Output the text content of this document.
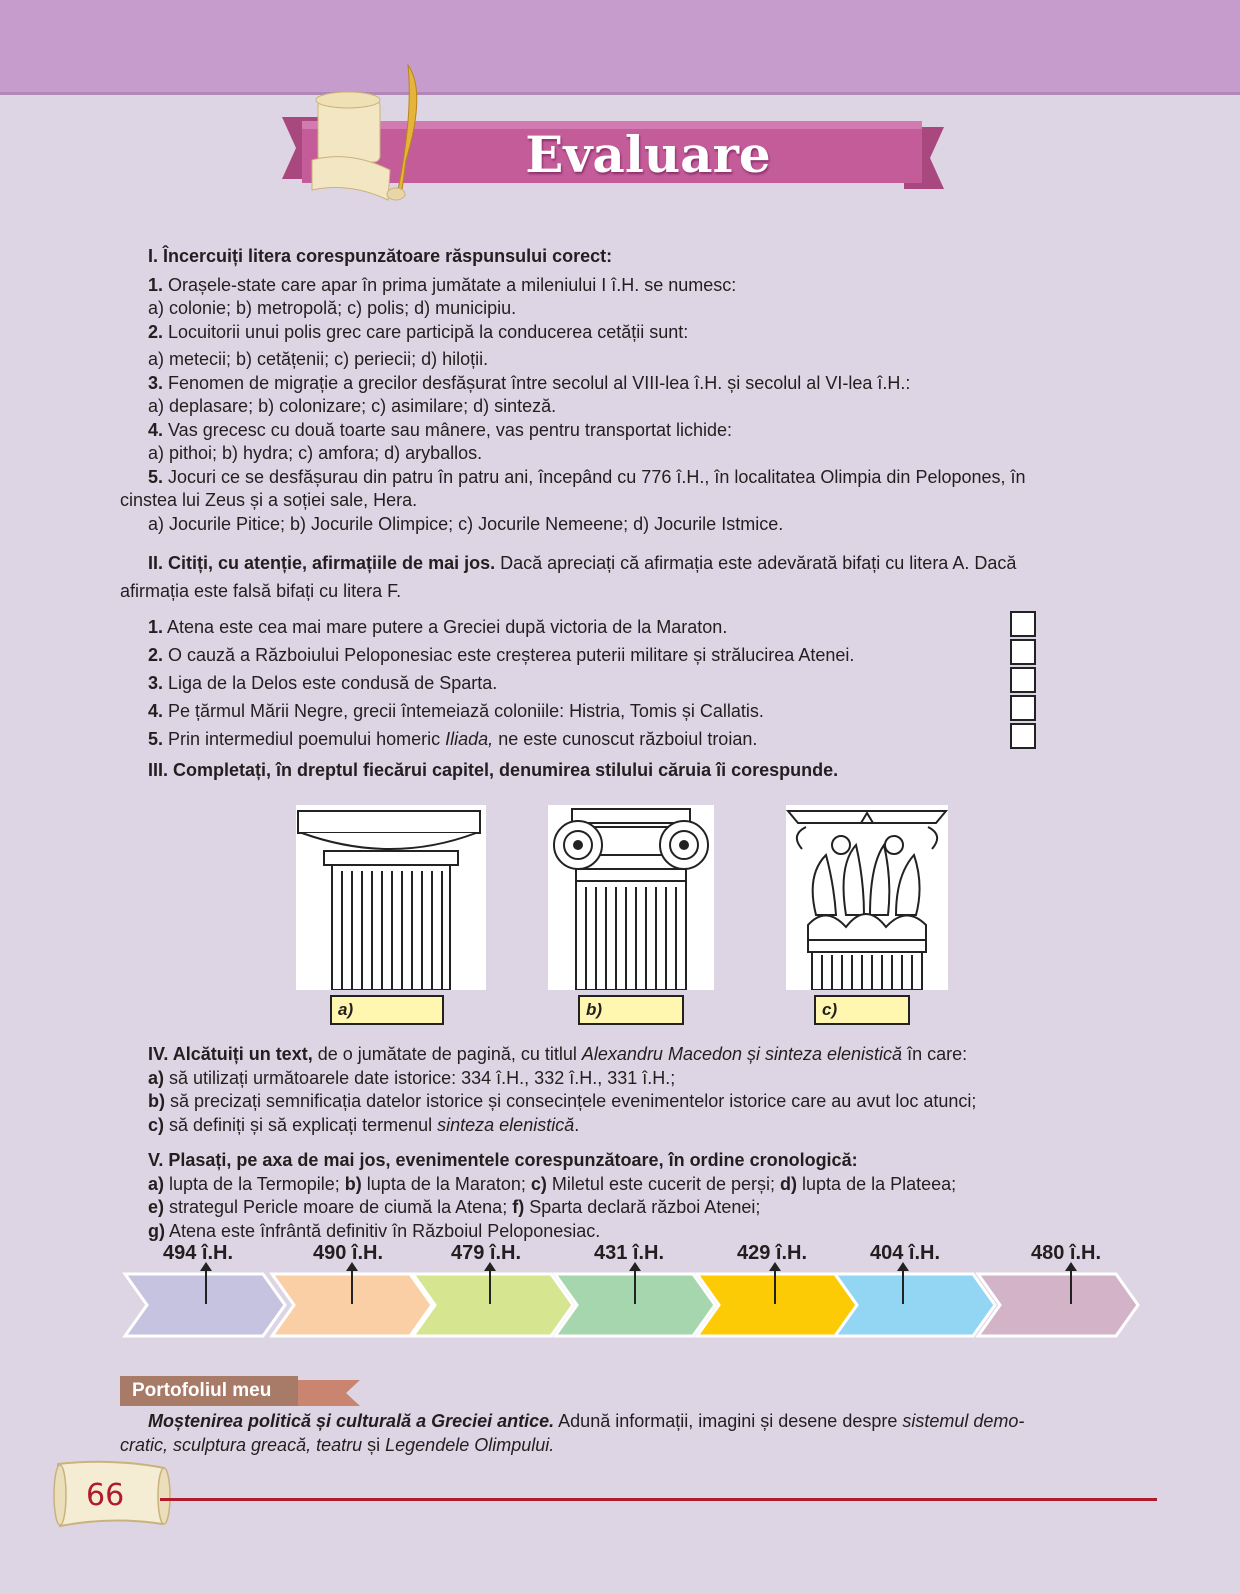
Evaluare
I. Încercuiți litera corespunzătoare răspunsului corect:
1. Orașele-state care apar în prima jumătate a mileniului I î.H. se numesc:
a) colonie; b) metropolă; c) polis; d) municipiu.
2. Locuitorii unui polis grec care participă la conducerea cetății sunt:
a) metecii; b) cetățenii; c) periecii; d) hiloții.
3. Fenomen de migrație a grecilor desfășurat între secolul al VIII-lea î.H. și secolul al VI-lea î.H.:
a) deplasare; b) colonizare; c) asimilare; d) sinteză.
4. Vas grecesc cu două toarte sau mânere, vas pentru transportat lichide:
a) pithoi; b) hydra; c) amfora; d) aryballos.
5. Jocuri ce se desfășurau din patru în patru ani, începând cu 776 î.H., în localitatea Olimpia din Pelopones, în
cinstea lui Zeus și a soției sale, Hera.
a) Jocurile Pitice; b) Jocurile Olimpice; c) Jocurile Nemeene; d) Jocurile Istmice.
II. Citiți, cu atenție, afirmațiile de mai jos. Dacă apreciați că afirmația este adevărată bifați cu litera A. Dacă
afirmația este falsă bifați cu litera F.
1. Atena este cea mai mare putere a Greciei după victoria de la Maraton.
2. O cauză a Războiului Peloponesiac este creșterea puterii militare și strălucirea Atenei.
3. Liga de la Delos este condusă de Sparta.
4. Pe țărmul Mării Negre, grecii întemeiază coloniile: Histria, Tomis și Callatis.
5. Prin intermediul poemului homeric Iliada, ne este cunoscut războiul troian.
III. Completați, în dreptul fiecărui capitel, denumirea stilului căruia îi corespunde.
a)	b)	c)
IV. Alcătuiți un text, de o jumătate de pagină, cu titlul Alexandru Macedon și sinteza elenistică în care:
a) să utilizați următoarele date istorice: 334 î.H., 332 î.H., 331 î.H.;
b) să precizați semnificația datelor istorice și consecințele evenimentelor istorice care au avut loc atunci;
c) să definiți și să explicați termenul sinteza elenistică.
V. Plasați, pe axa de mai jos, evenimentele corespunzătoare, în ordine cronologică:
a) lupta de la Termopile; b) lupta de la Maraton; c) Miletul este cucerit de perși; d) lupta de la Plateea;
e) strategul Pericle moare de ciumă la Atena; f) Sparta declară război Atenei;
g) Atena este înfrântă definitiv în Războiul Peloponesiac.
494 î.H.	490 î.H.	479 î.H.	431 î.H.	429 î.H.	404 î.H.	480 î.H.
Portofoliul meu
Moștenirea politică și culturală a Greciei antice. Adună informații, imagini și desene despre sistemul demo-
cratic, sculptura greacă, teatru și Legendele Olimpului.
66
